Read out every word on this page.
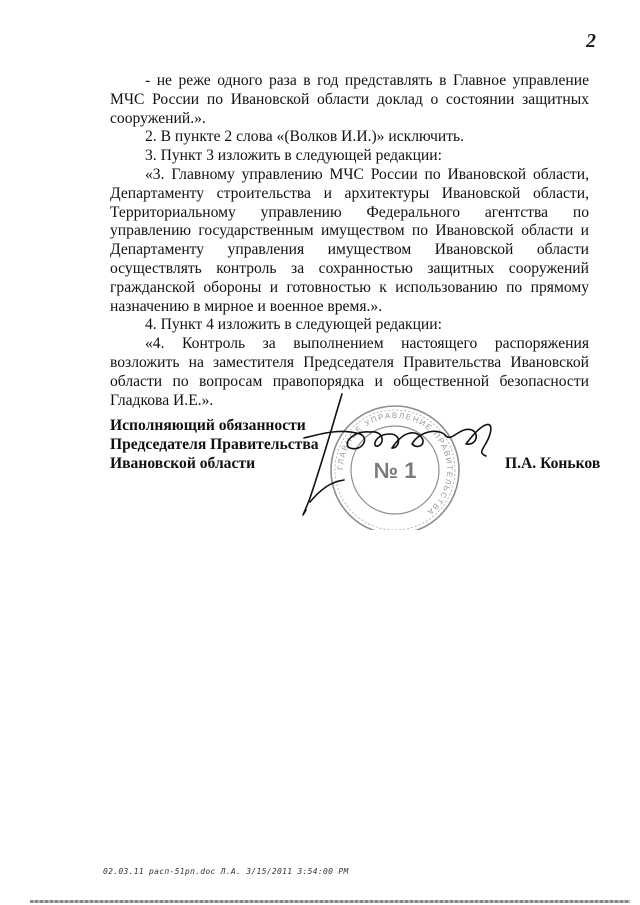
2

- не реже одного раза в год представлять в Главное управление МЧС России по Ивановской области доклад о состоянии защитных сооружений.».

2. В пункте 2 слова «(Волков И.И.)» исключить.

3. Пункт 3 изложить в следующей редакции:

«3. Главному управлению МЧС России по Ивановской области, Департаменту строительства и архитектуры Ивановской области, Территориальному управлению Федерального агентства по управлению государственным имуществом по Ивановской области и Департаменту управления имуществом Ивановской области осуществлять контроль за сохранностью защитных сооружений гражданской обороны и готовностью к использованию по прямому назначению в мирное и военное время.».

4. Пункт 4 изложить в следующей редакции:

«4. Контроль за выполнением настоящего распоряжения возложить на заместителя Председателя Правительства Ивановской области по вопросам правопорядка и общественной безопасности Гладкова И.Е.».

Исполняющий обязанности
Председателя Правительства
Ивановской области	ГЛАВНОЕ УПРАВЛЕНИЕ ПРАВИТЕЛЬСТВА
№ 1	П.А. Коньков
02.03.11 расп-51рп.doc Л.А. 3/15/2011 3:54:00 PM
